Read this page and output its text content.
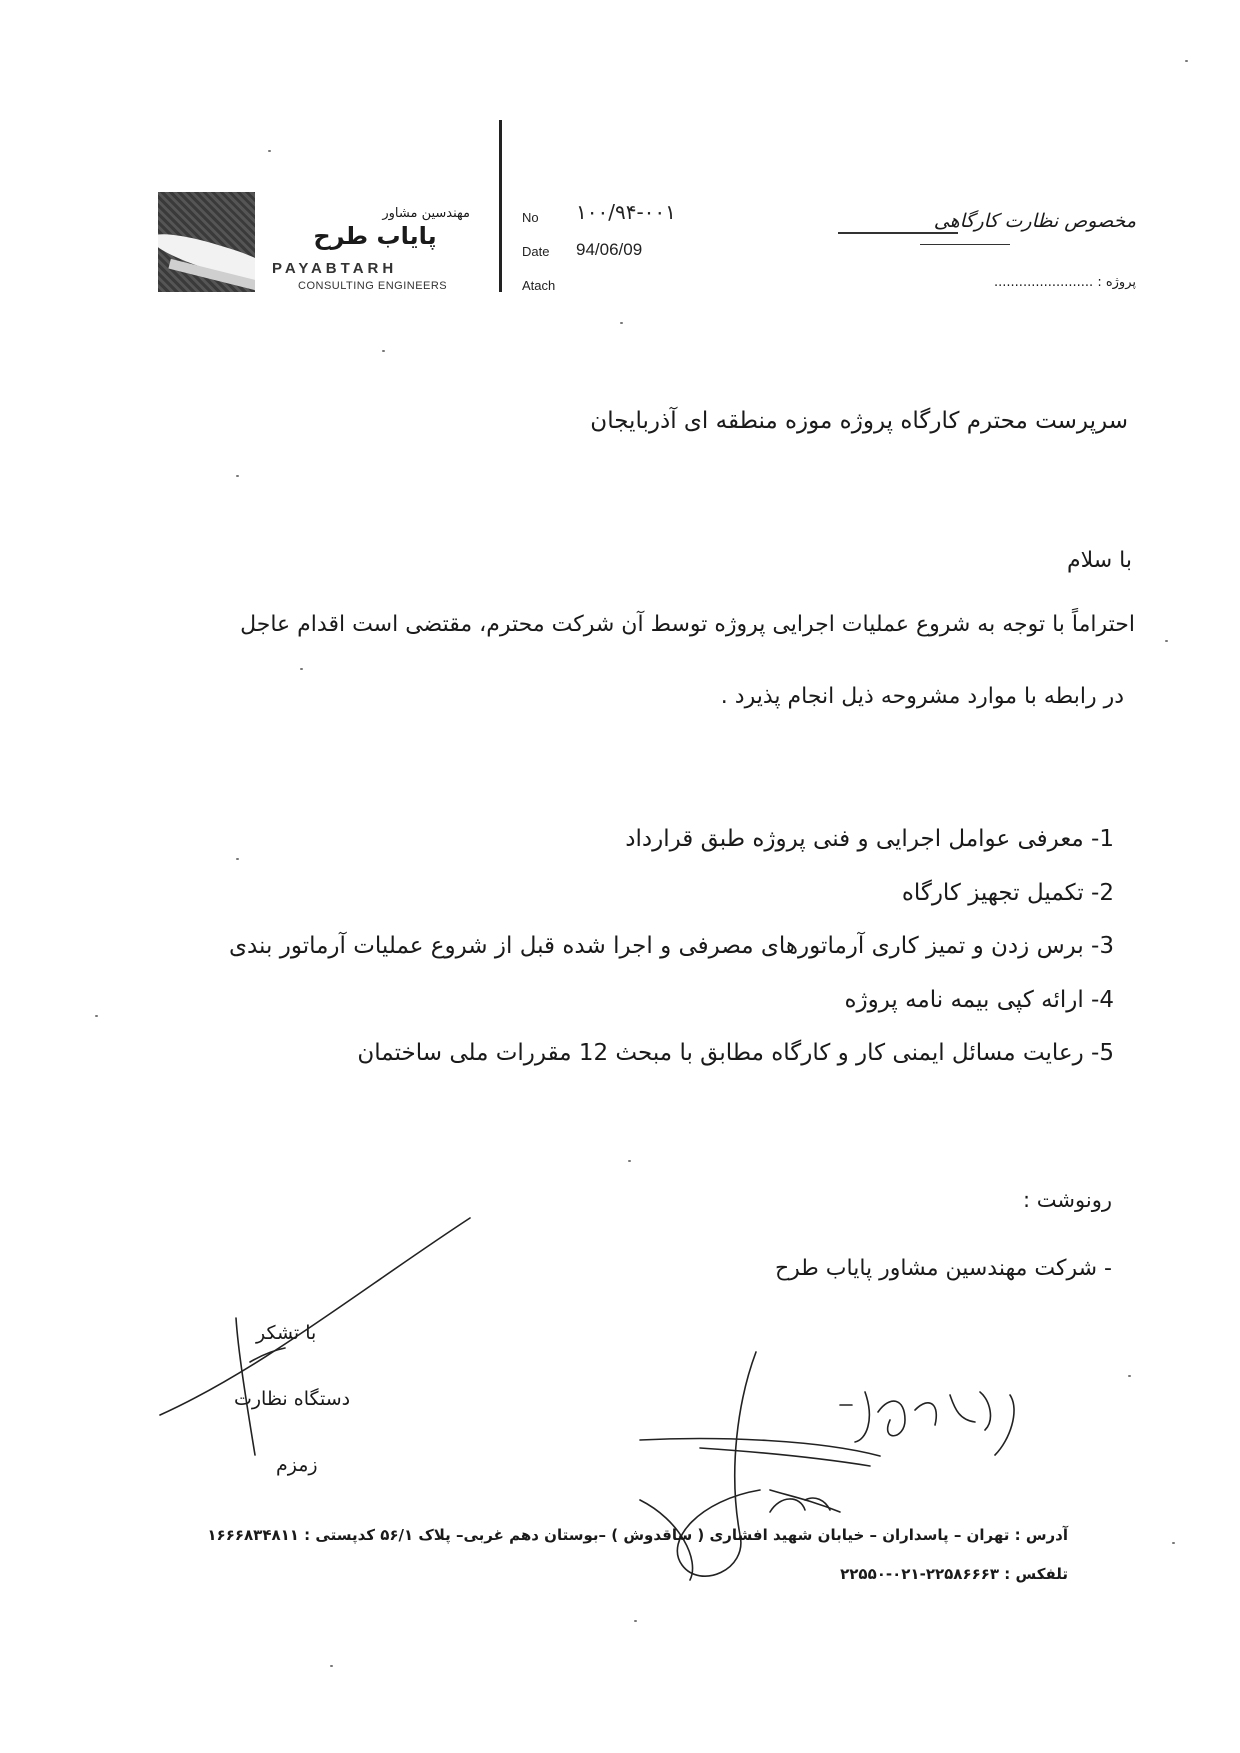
مهندسین مشاور
پایاب طرح
PAYABTARH
CONSULTING ENGINEERS
No ۱۰۰/۹۴-۰۰۱
Date 94/06/09
Atach
مخصوص نظارت کارگاهی
پروژه : ........................
سرپرست محترم کارگاه پروژه موزه منطقه ای آذربایجان
با سلام
احتراماً با توجه به شروع عملیات اجرایی پروژه توسط آن شرکت محترم، مقتضی است اقدام عاجل
در رابطه با موارد مشروحه ذیل انجام پذیرد .
1- معرفی عوامل اجرایی و فنی پروژه طبق قرارداد
2- تکمیل تجهیز کارگاه
3- برس زدن و تمیز کاری آرماتورهای مصرفی و اجرا شده قبل از شروع عملیات آرماتور بندی
4- ارائه کپی بیمه نامه پروژه
5- رعایت مسائل ایمنی کار و کارگاه مطابق با مبحث 12 مقررات ملی ساختمان
رونوشت :
- شرکت مهندسین مشاور پایاب طرح
با تشکر
دستگاه نظارت
زمزم
آدرس : تهران – پاسداران – خیابان شهید افشاری ( ساقدوش ) –بوستان دهم غربی– پلاک ۵۶/۱ کدپستی : ۱۶۶۶۸۳۴۸۱۱
تلفکس : ۲۲۵۸۶۶۶۳-۰۲۱-۲۲۵۵۰
